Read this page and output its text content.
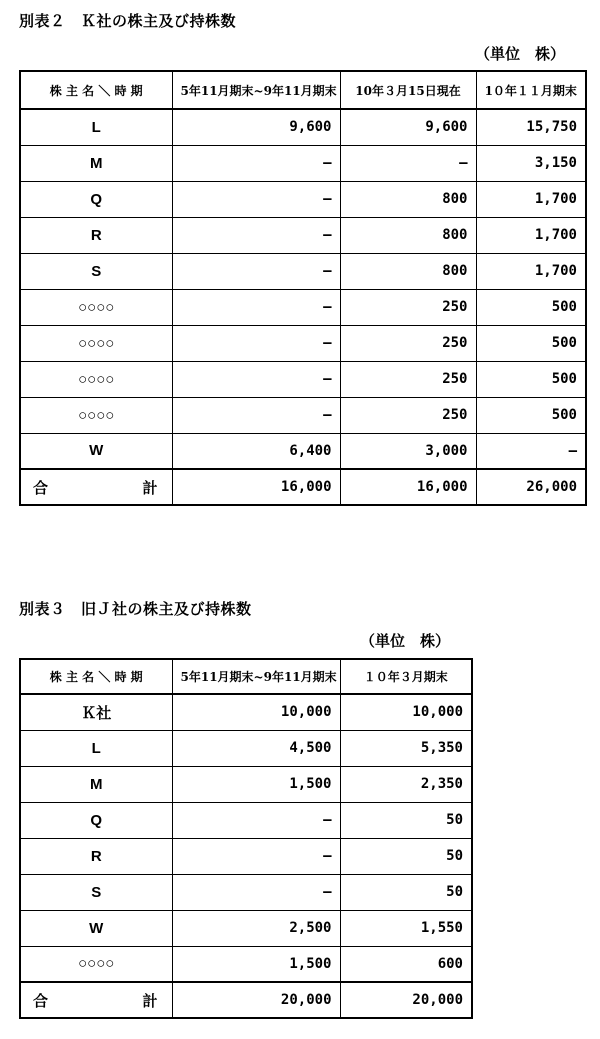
別表２　Ｋ社の株主及び持株数
（単位　株）
株 主 名 ＼ 時 期	5年11月期末~9年11月期末	10年３月15日現在	1０年１１月期末
L	9,600	9,600	15,750
M	–	–	3,150
Q	–	800	1,700
R	–	800	1,700
S	–	800	1,700
○○○○	–	250	500
○○○○	–	250	500
○○○○	–	250	500
○○○○	–	250	500
W	6,400	3,000	–
合計	16,000	16,000	26,000
別表３　旧Ｊ社の株主及び持株数
（単位　株）
株 主 名 ＼ 時 期	5年11月期末~9年11月期末	１０年３月期末
Ｋ社	10,000	10,000
L	4,500	5,350
M	1,500	2,350
Q	–	50
R	–	50
S	–	50
W	2,500	1,550
○○○○	1,500	600
合計	20,000	20,000
